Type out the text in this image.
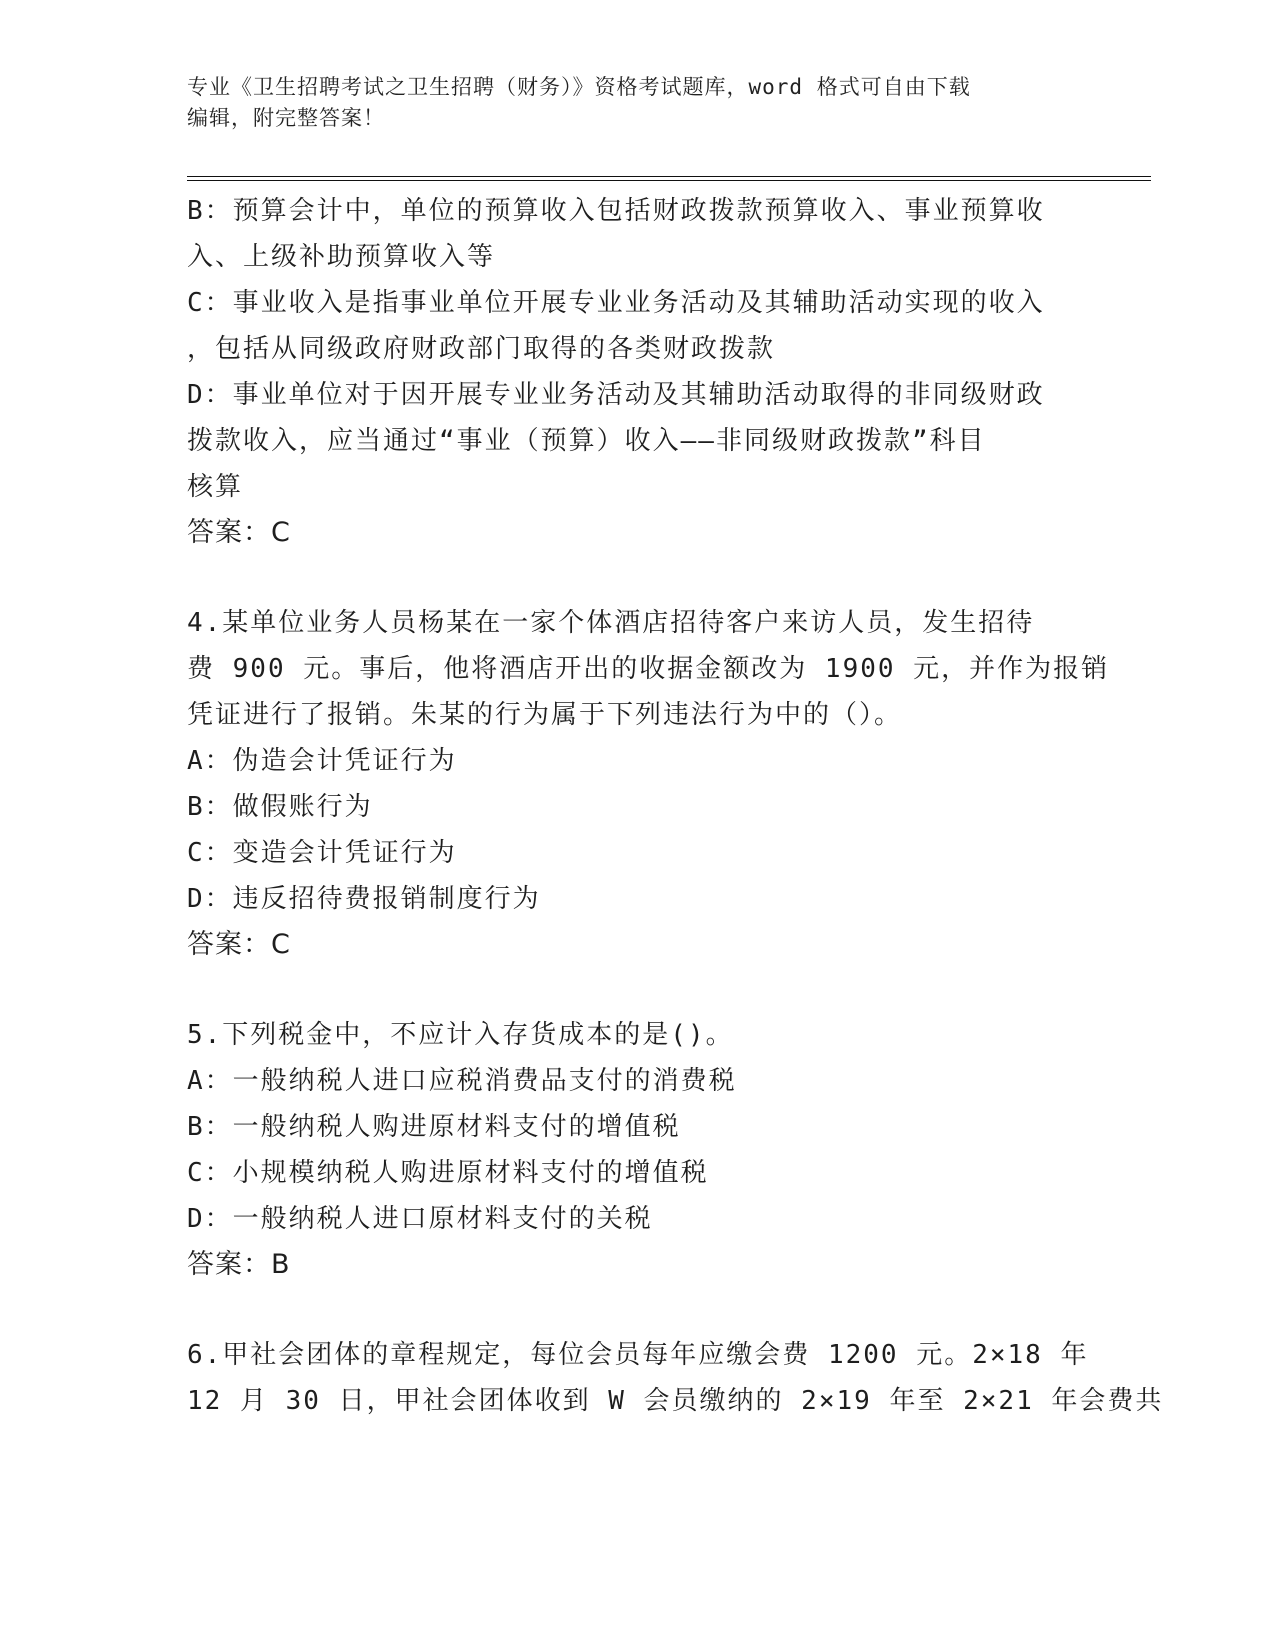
专业《卫生招聘考试之卫生招聘（财务）》资格考试题库，word 格式可自由下载
编辑，附完整答案！
B：预算会计中，单位的预算收入包括财政拨款预算收入、事业预算收
入、上级补助预算收入等
C：事业收入是指事业单位开展专业业务活动及其辅助活动实现的收入
，包括从同级政府财政部门取得的各类财政拨款
D：事业单位对于因开展专业业务活动及其辅助活动取得的非同级财政
拨款收入，应当通过“事业（预算）收入——非同级财政拨款”科目
核算
答案：C
4.某单位业务人员杨某在一家个体酒店招待客户来访人员，发生招待
费 900 元。事后，他将酒店开出的收据金额改为 1900 元，并作为报销
凭证进行了报销。朱某的行为属于下列违法行为中的（）。
A：伪造会计凭证行为
B：做假账行为
C：变造会计凭证行为
D：违反招待费报销制度行为
答案：C
5.下列税金中，不应计入存货成本的是()。
A：一般纳税人进口应税消费品支付的消费税
B：一般纳税人购进原材料支付的增值税
C：小规模纳税人购进原材料支付的增值税
D：一般纳税人进口原材料支付的关税
答案：B
6.甲社会团体的章程规定，每位会员每年应缴会费 1200 元。2×18 年
12 月 30 日，甲社会团体收到 W 会员缴纳的 2×19 年至 2×21 年会费共
